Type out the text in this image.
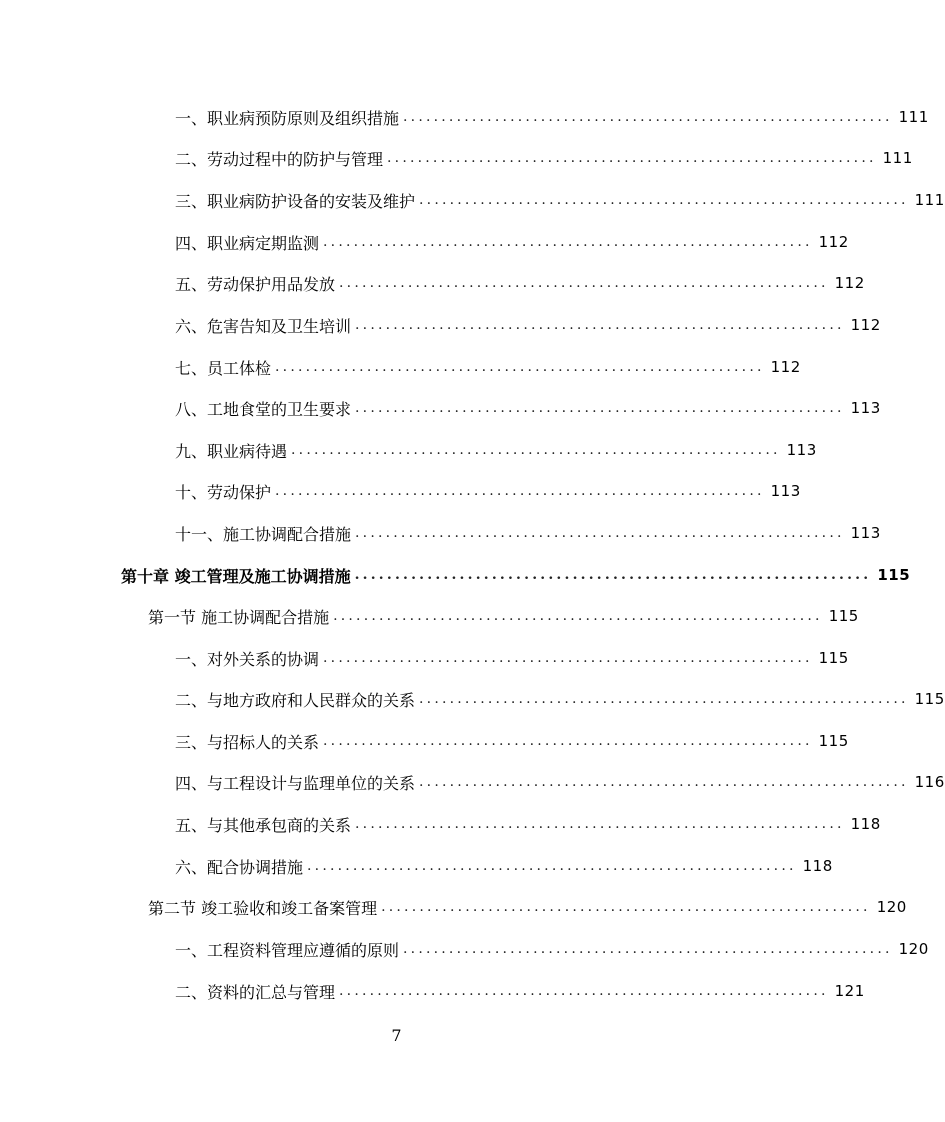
一、职业病预防原则及组织措施 ................................................................ 111
二、劳动过程中的防护与管理 ................................................................ 111
三、职业病防护设备的安装及维护 ................................................................ 111
四、职业病定期监测 ................................................................ 112
五、劳动保护用品发放 ................................................................ 112
六、危害告知及卫生培训 ................................................................ 112
七、员工体检 ................................................................ 112
八、工地食堂的卫生要求 ................................................................ 113
九、职业病待遇 ................................................................ 113
十、劳动保护 ................................................................ 113
十一、施工协调配合措施 ................................................................ 113
第十章 竣工管理及施工协调措施 ................................................................ 115
第一节 施工协调配合措施 ................................................................ 115
一、对外关系的协调 ................................................................ 115
二、与地方政府和人民群众的关系 ................................................................ 115
三、与招标人的关系 ................................................................ 115
四、与工程设计与监理单位的关系 ................................................................ 116
五、与其他承包商的关系 ................................................................ 118
六、配合协调措施 ................................................................ 118
第二节 竣工验收和竣工备案管理 ................................................................ 120
一、工程资料管理应遵循的原则 ................................................................ 120
二、资料的汇总与管理 ................................................................ 121
7
